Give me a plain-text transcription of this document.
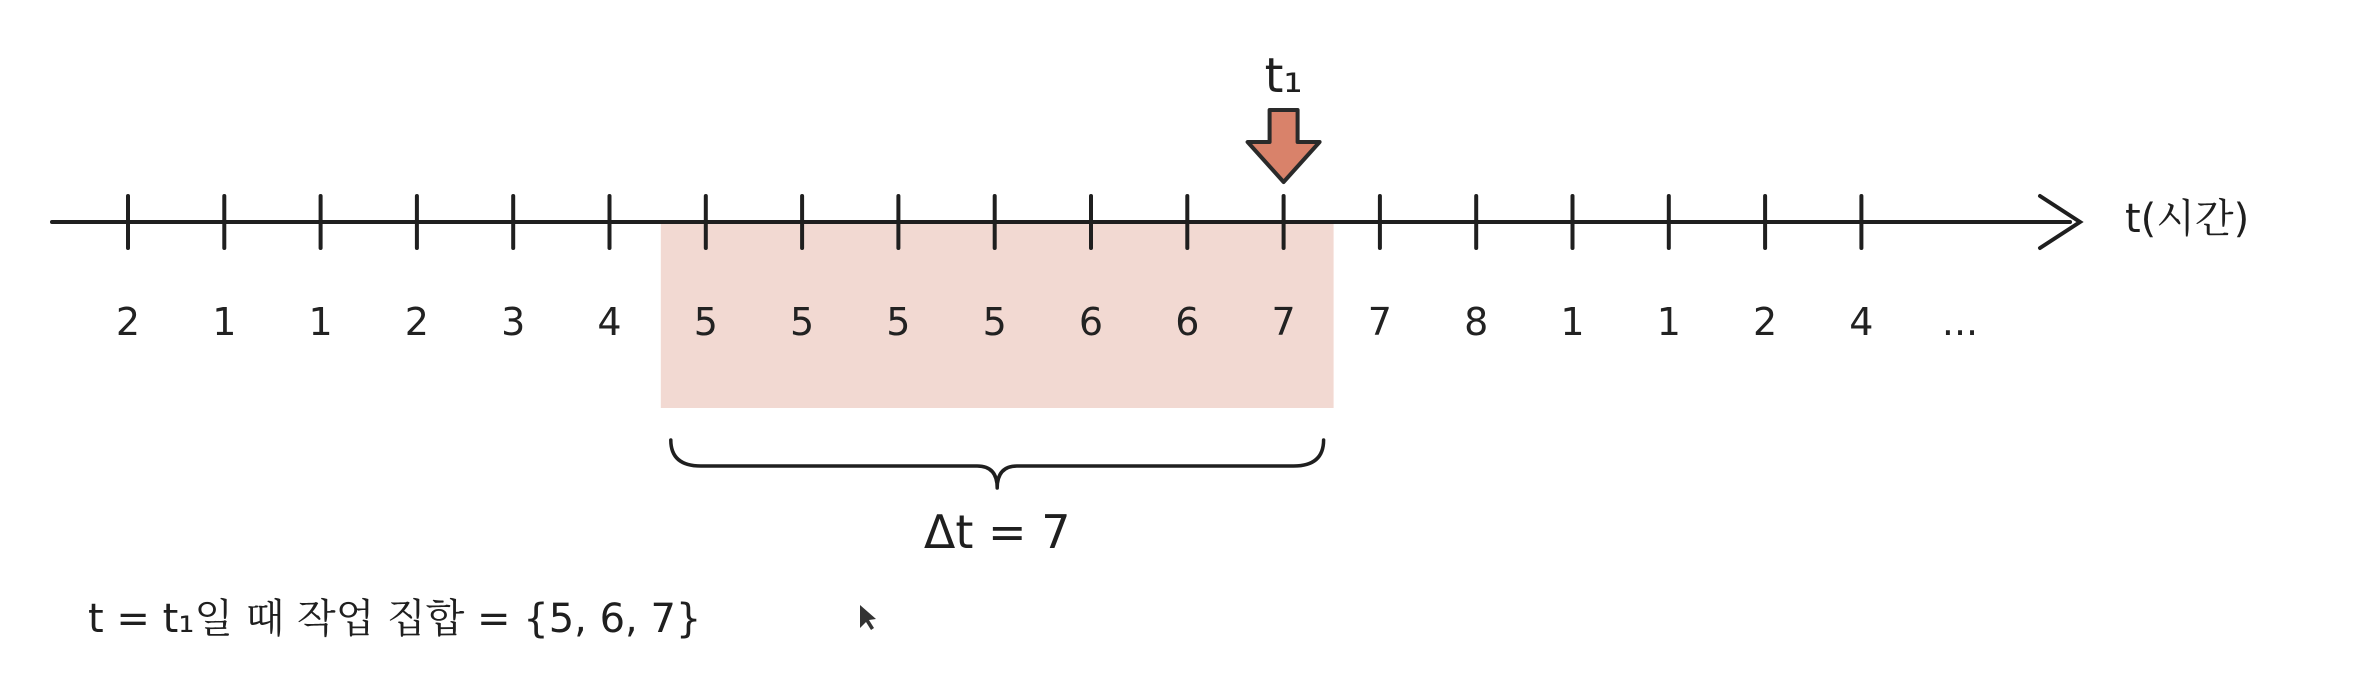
2 1 1 2 3 4 5 5 5 5 6 6 7 7 8 1 1 2 4 ...
t(시간)
t₁
Δt = 7
t = t₁일 때 작업 집합 = {5, 6, 7}
